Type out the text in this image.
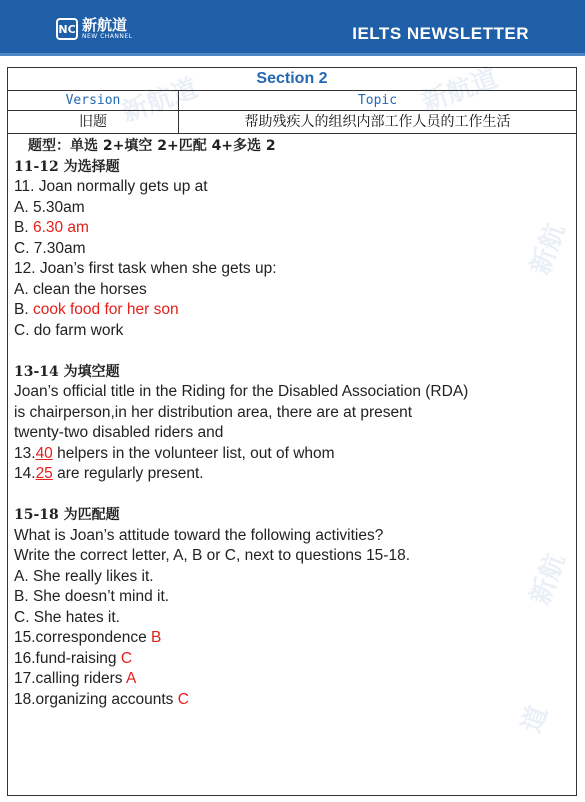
NC 新航道
NEW CHANNEL	IELTS NEWSLETTER
新航道	新航道
新航
新航
道
Section 2
Version	Topic
旧题	帮助残疾人的组织内部工作人员的工作生活
题型：单选 2+填空 2+匹配 4+多选 2
11-12 为选择题
11. Joan normally gets up at
A. 5.30am
B. 6.30 am
C. 7.30am
12. Joan’s first task when she gets up:
A. clean the horses
B. cook food for her son
C. do farm work
13-14 为填空题
Joan’s official title in the Riding for the Disabled Association (RDA)
is chairperson,in her distribution area, there are at present
twenty-two disabled riders and
13.40 helpers in the volunteer list, out of whom
14.25 are regularly present.
15-18 为匹配题
What is Joan’s attitude toward the following activities?
Write the correct letter, A, B or C, next to questions 15-18.
A. She really likes it.
B. She doesn’t mind it.
C. She hates it.
15.correspondence B
16.fund-raising C
17.calling riders A
18.organizing accounts C
